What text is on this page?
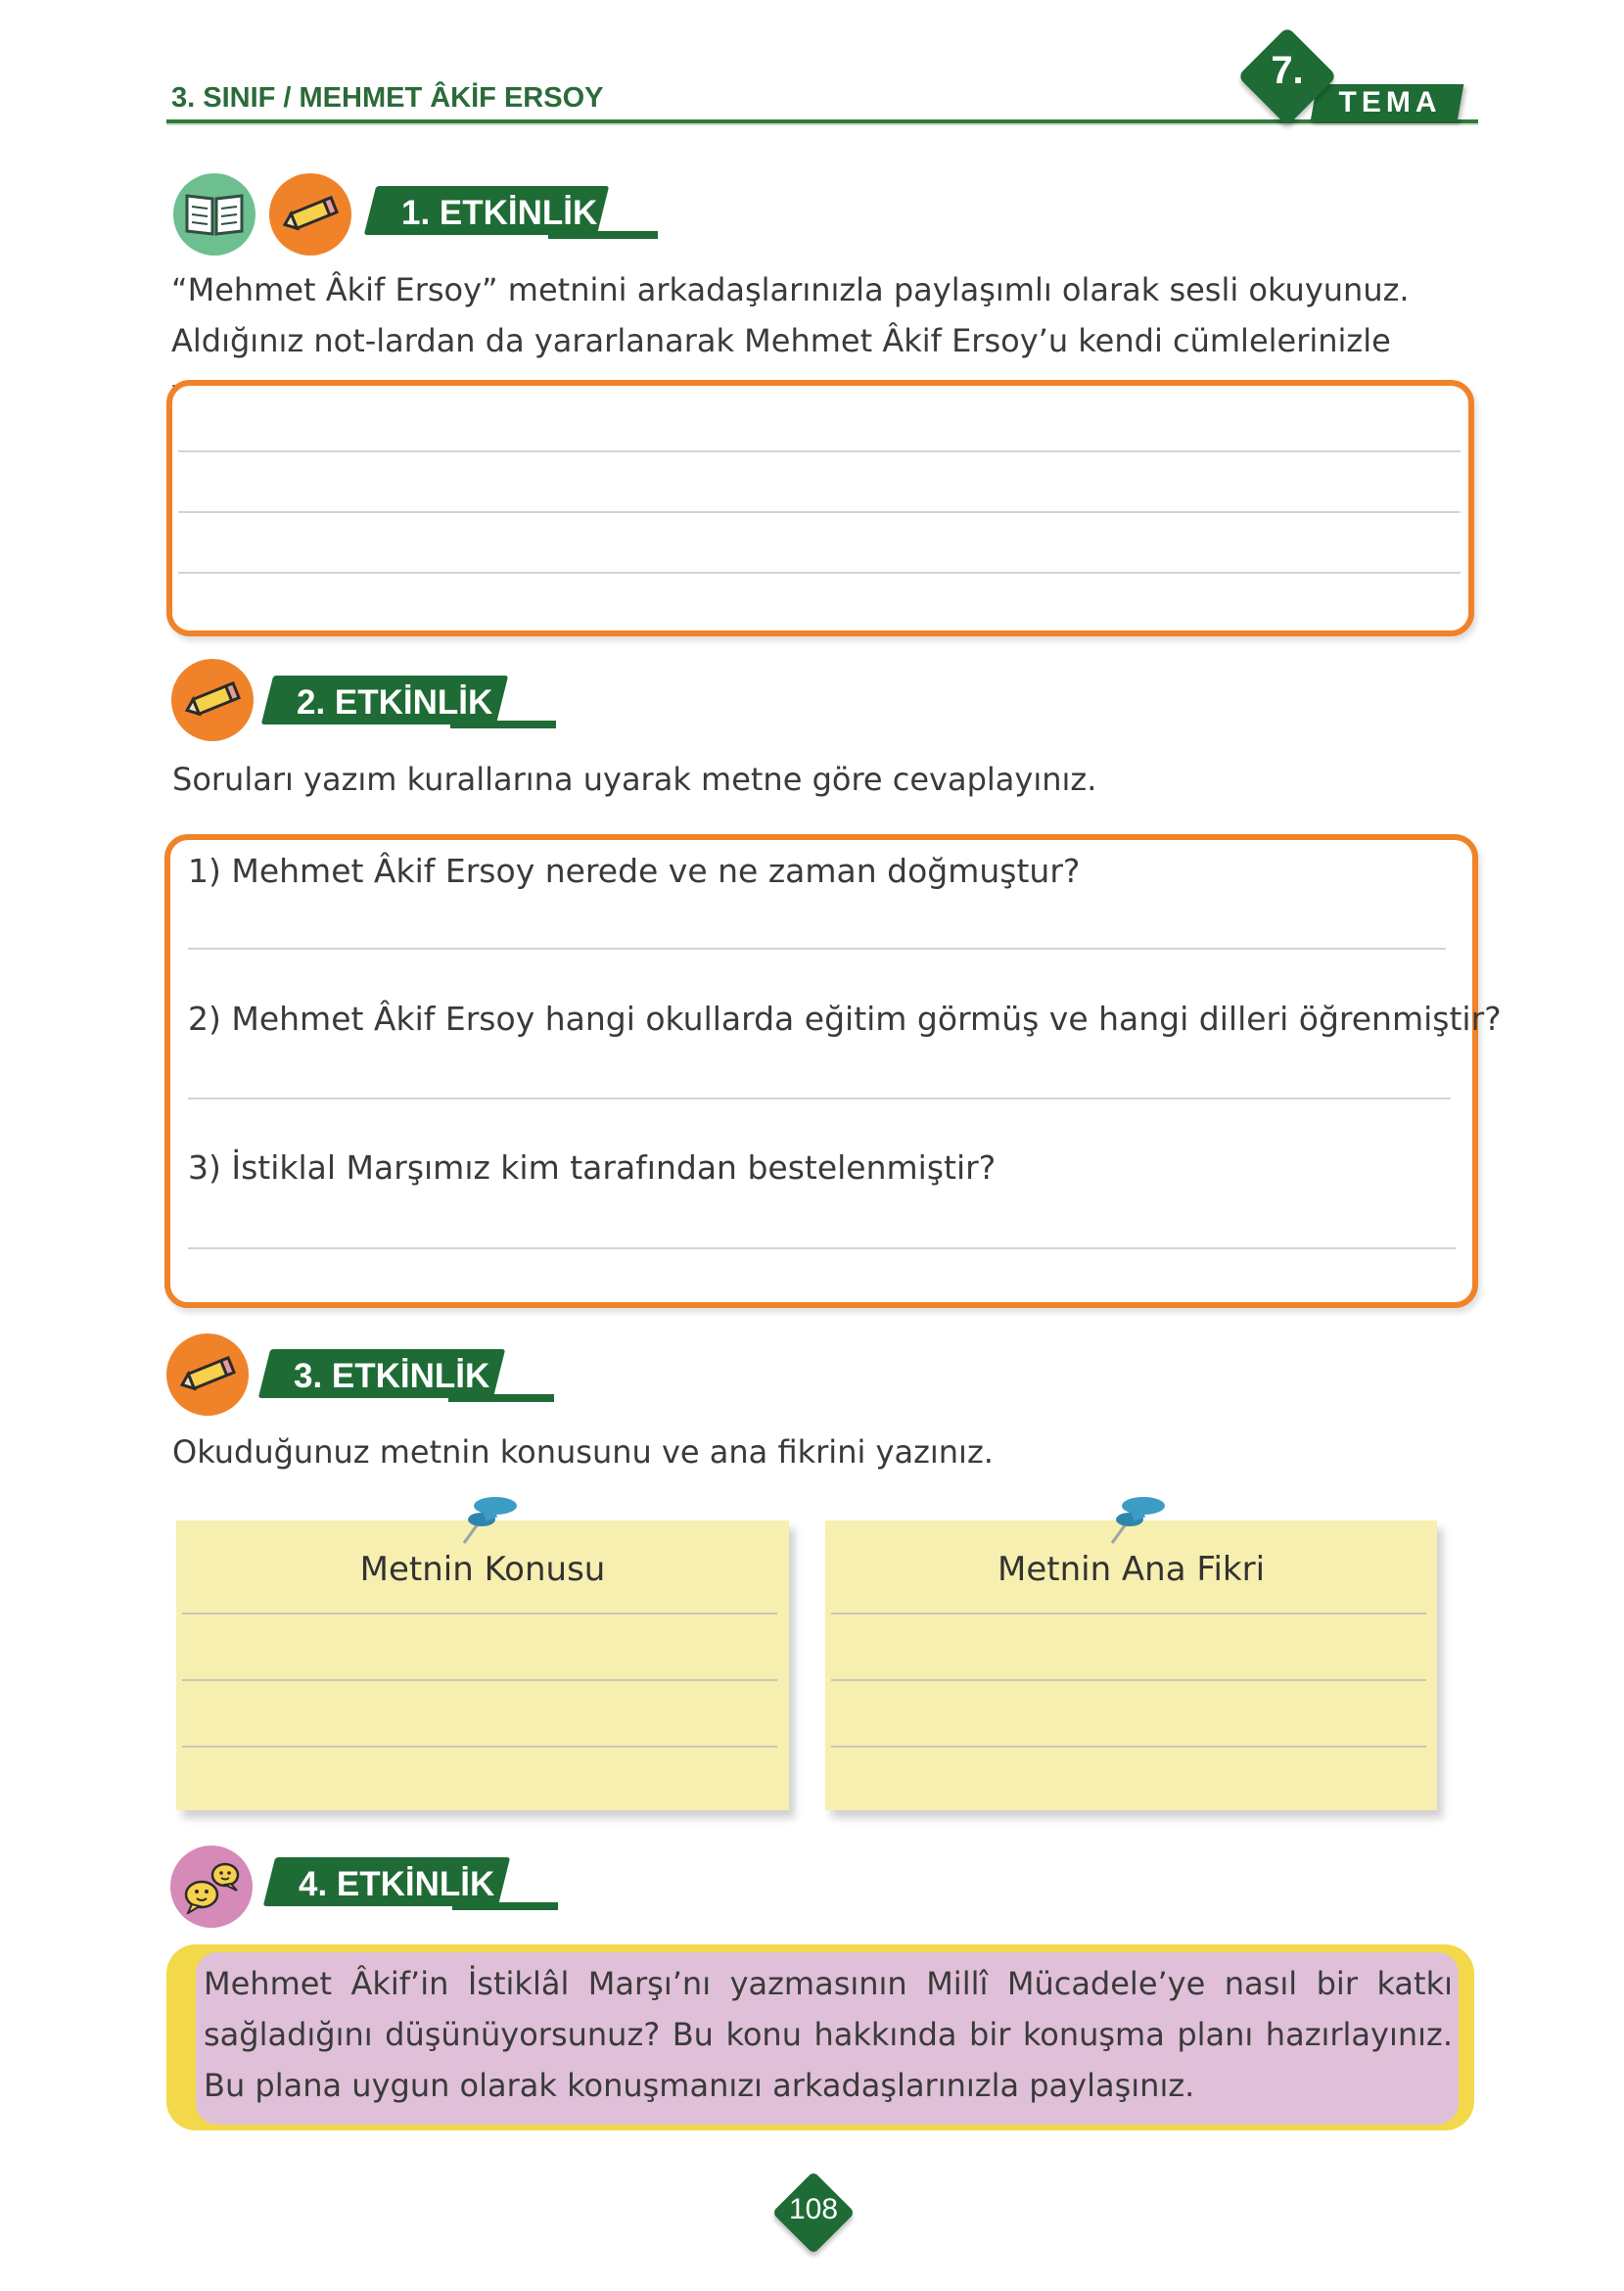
3. SINIF / MEHMET ÂKİF ERSOY	TEMA
7.
1. ETKİNLİK
“Mehmet Âkif Ersoy” metnini arkadaşlarınızla paylaşımlı olarak sesli okuyunuz. Aldığınız not-lardan da yararlanarak Mehmet Âkif Ersoy’u kendi cümlelerinizle
2. ETKİNLİK
Soruları yazım kurallarına uyarak metne göre cevaplayınız.
1) Mehmet Âkif Ersoy nerede ve ne zaman doğmuştur?
2) Mehmet Âkif Ersoy hangi okullarda eğitim görmüş ve hangi dilleri öğrenmiştir?
3) İstiklal Marşımız kim tarafından bestelenmiştir?
3. ETKİNLİK
Okuduğunuz metnin konusunu ve ana fikrini yazınız.
Metnin Konusu	Metnin Ana Fikri
4. ETKİNLİK
Mehmet Âkif’in İstiklâl Marşı’nı yazmasının Millî Mücadele’ye nasıl bir katkı sağladığını düşünüyorsunuz? Bu konu hakkında bir konuşma planı hazırlayınız. Bu plana uygun olarak konuşmanızı arkadaşlarınızla paylaşınız.
108
